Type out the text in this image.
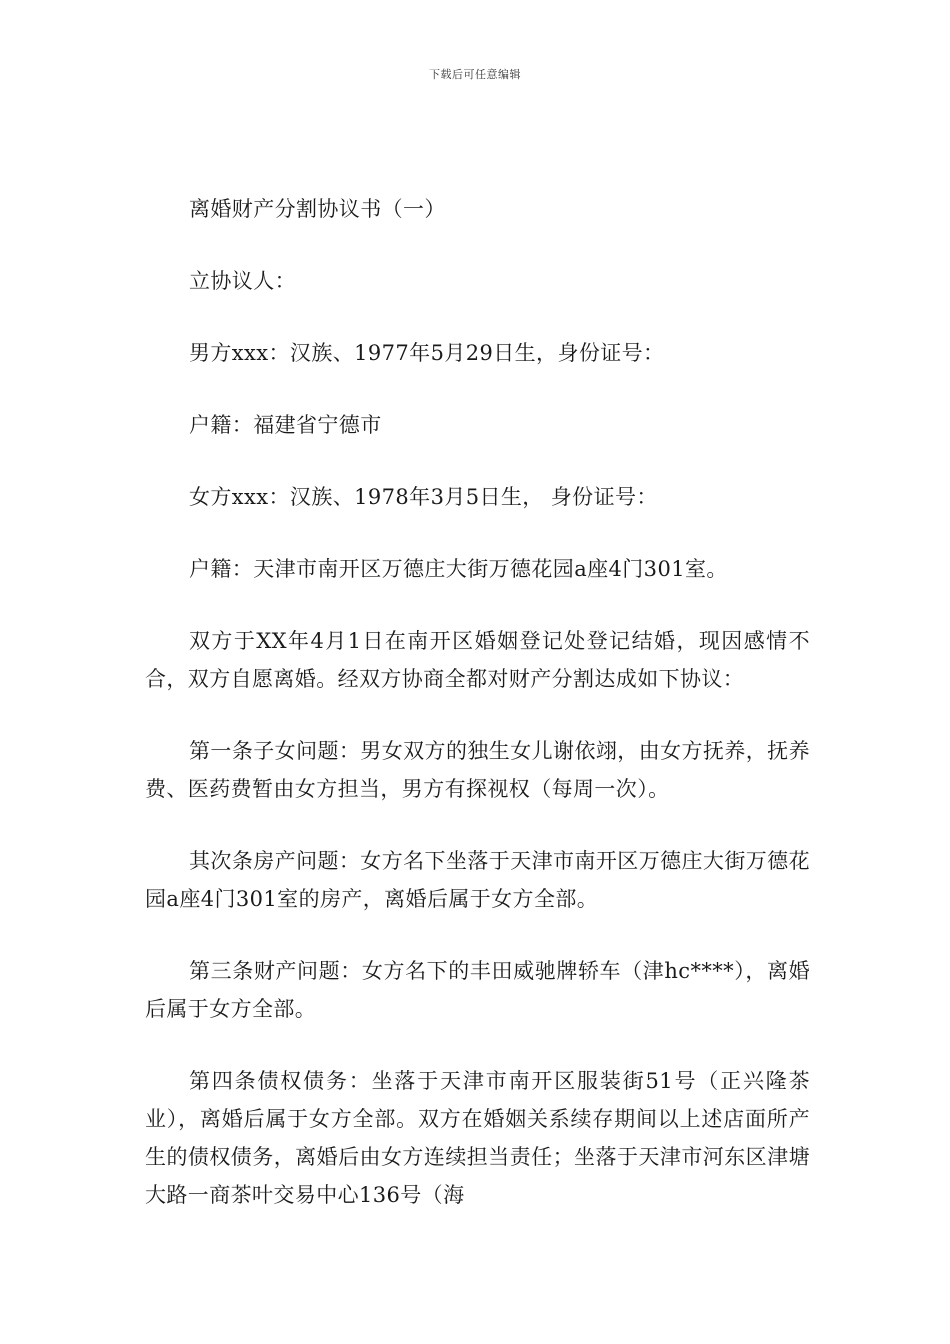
下载后可任意编辑

离婚财产分割协议书（一）

立协议人：

男方xxx：汉族、1977年5月29日生，身份证号：

户籍：福建省宁德市

女方xxx：汉族、1978年3月5日生， 身份证号：

户籍：天津市南开区万德庄大街万德花园a座4门301室。

双方于XX年4月1日在南开区婚姻登记处登记结婚，现因感情不合，双方自愿离婚。经双方协商全都对财产分割达成如下协议：

第一条子女问题：男女双方的独生女儿谢依翊，由女方抚养，抚养费、医药费暂由女方担当，男方有探视权（每周一次）。

其次条房产问题：女方名下坐落于天津市南开区万德庄大街万德花园a座4门301室的房产，离婚后属于女方全部。

第三条财产问题：女方名下的丰田威驰牌轿车（津hc****），离婚后属于女方全部。

第四条债权债务：坐落于天津市南开区服装街51号（正兴隆茶业），离婚后属于女方全部。双方在婚姻关系续存期间以上述店面所产生的债权债务，离婚后由女方连续担当责任；坐落于天津市河东区津塘大路一商茶叶交易中心136号（海
